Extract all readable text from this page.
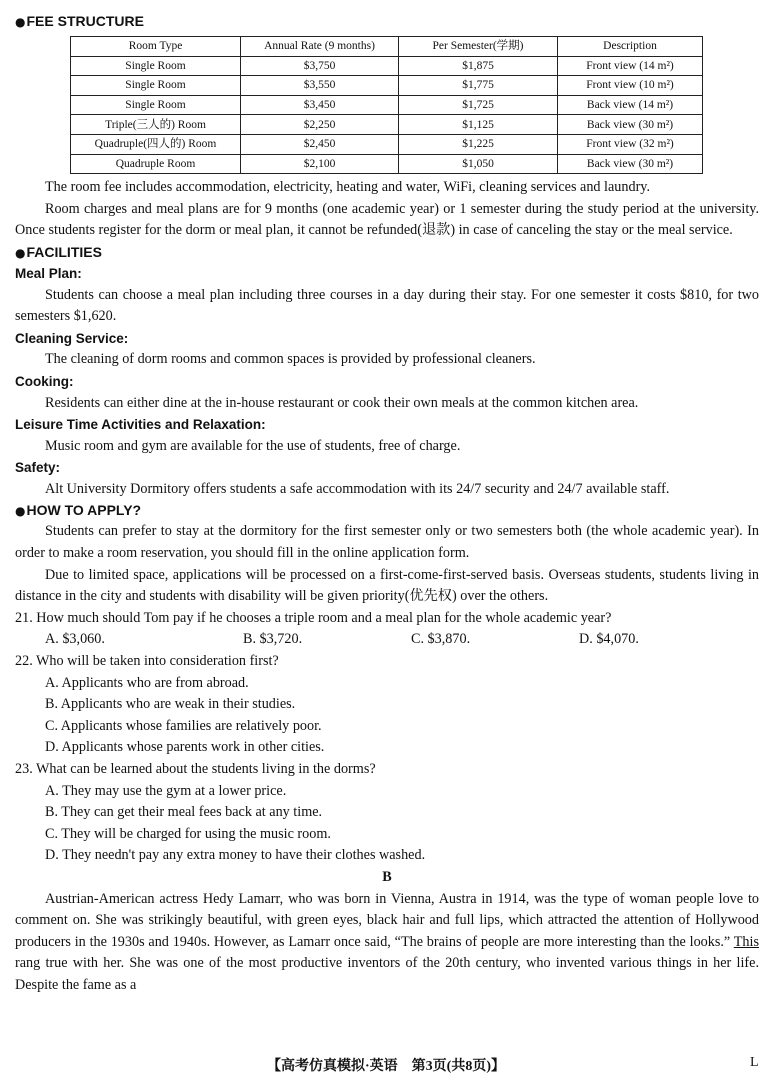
●FEE STRUCTURE
Room Type	Annual Rate (9 months)	Per Semester(学期)	Description
Single Room	$3,750	$1,875	Front view (14 m²)
Single Room	$3,550	$1,775	Front view (10 m²)
Single Room	$3,450	$1,725	Back view (14 m²)
Triple(三人的) Room	$2,250	$1,125	Back view (30 m²)
Quadruple(四人的) Room	$2,450	$1,225	Front view (32 m²)
Quadruple Room	$2,100	$1,050	Back view (30 m²)

The room fee includes accommodation, electricity, heating and water, WiFi, cleaning services and laundry.

Room charges and meal plans are for 9 months (one academic year) or 1 semester during the study period at the university. Once students register for the dorm or meal plan, it cannot be refunded(退款) in case of canceling the stay or the meal service.

●FACILITIES
Meal Plan:

Students can choose a meal plan including three courses in a day during their stay. For one semester it costs $810, for two semesters $1,620.

Cleaning Service:

The cleaning of dorm rooms and common spaces is provided by professional cleaners.

Cooking:

Residents can either dine at the in-house restaurant or cook their own meals at the common kitchen area.

Leisure Time Activities and Relaxation:

Music room and gym are available for the use of students, free of charge.

Safety:

Alt University Dormitory offers students a safe accommodation with its 24/7 security and 24/7 available staff.

●HOW TO APPLY?

Students can prefer to stay at the dormitory for the first semester only or two semesters both (the whole academic year). In order to make a room reservation, you should fill in the online application form.

Due to limited space, applications will be processed on a first-come-first-served basis. Overseas students, students living in distance in the city and students with disability will be given priority(优先权) over the others.

21. How much should Tom pay if he chooses a triple room and a meal plan for the whole academic year?

A. $3,060.	B. $3,720.	C. $3,870.	D. $4,070.

22. Who will be taken into consideration first?

A. Applicants who are from abroad.

B. Applicants who are weak in their studies.

C. Applicants whose families are relatively poor.

D. Applicants whose parents work in other cities.

23. What can be learned about the students living in the dorms?

A. They may use the gym at a lower price.

B. They can get their meal fees back at any time.

C. They will be charged for using the music room.

D. They needn't pay any extra money to have their clothes washed.

B

Austrian-American actress Hedy Lamarr, who was born in Vienna, Austra in 1914, was the type of woman people love to comment on. She was strikingly beautiful, with green eyes, black hair and full lips, which attracted the attention of Hollywood producers in the 1930s and 1940s. However, as Lamarr once said, “The brains of people are more interesting than the looks.” This rang true with her. She was one of the most productive inventors of the 20th century, who invented various things in her life. Despite the fame as a

【高考仿真模拟·英语　第3页(共8页)】	L
